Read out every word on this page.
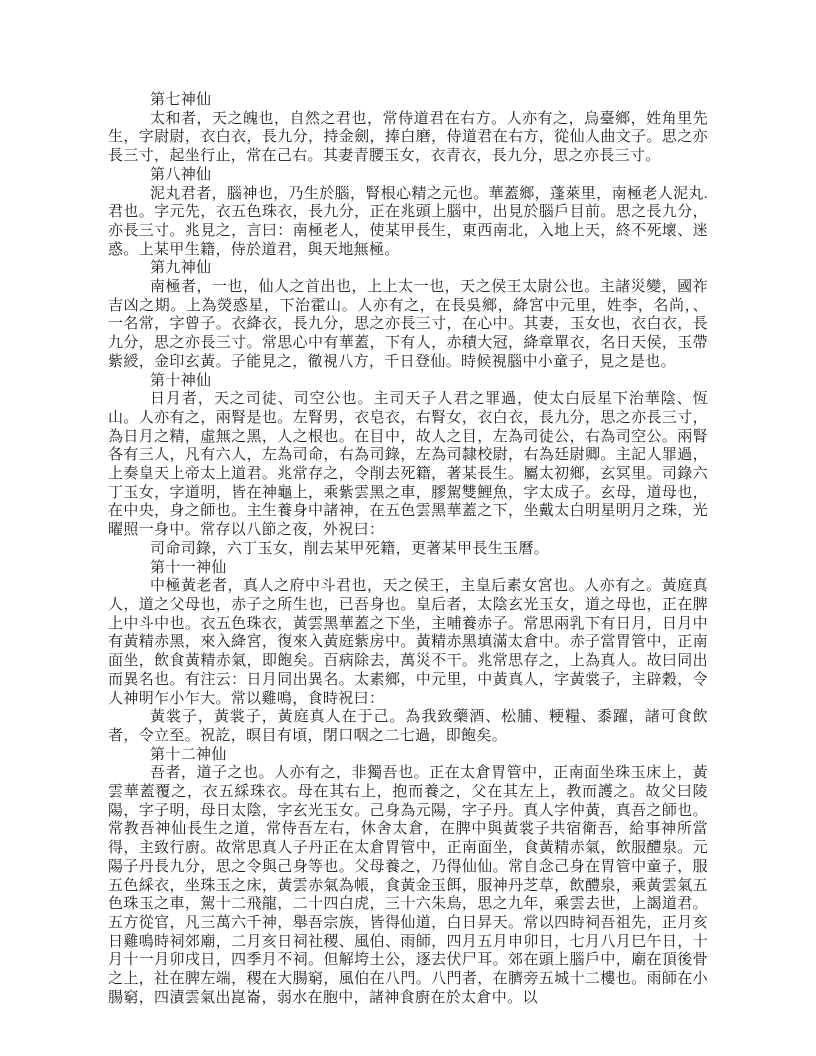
第七神仙

太和者，天之魄也，自然之君也，常侍道君在右方。人亦有之，烏臺鄉，姓角里先生，字尉尉，衣白衣，長九分，持金劍，捧白磨，侍道君在右方，從仙人曲文子。思之亦長三寸，起坐行止，常在己右。其妻青腰玉女，衣青衣，長九分，思之亦長三寸。

第八神仙

泥丸君者，腦神也，乃生於腦，腎根心精之元也。華蓋鄉，蓬萊里，南極老人泥丸. 君也。字元先，衣五色珠衣，長九分，正在兆頭上腦中，出見於腦戶目前。思之長九分，亦長三寸。兆見之，言曰：南極老人，使某甲長生，東西南北，入地上天，終不死壞、迷惑。上某甲生籍，侍於道君，與天地無極。

第九神仙

南極者，一也，仙人之首出也，上上太一也，天之侯王太尉公也。主諸災變，國祚吉凶之期。上為熒惑星，下治霍山。人亦有之，在長吳鄉，絳宮中元里，姓李，名尚，、一名常，字曾子。衣絳衣，長九分，思之亦長三寸，在心中。其妻，玉女也，衣白衣，長九分，思之亦長三寸。常思心中有華蓋，下有人，赤積大冠，絳章單衣，名日天侯，玉帶紫綬，金印玄黃。子能見之，徹視八方，千日登仙。時候視腦中小童子，見之是也。

第十神仙

日月者，天之司徒、司空公也。主司天子人君之罪過，使太白辰星下治華陰、恆山。人亦有之，兩腎是也。左腎男，衣皂衣，右腎女，衣白衣，長九分，思之亦長三寸，為日月之精，虛無之黑，人之根也。在目中，故人之目，左為司徒公，右為司空公。兩腎各有三人，凡有六人，左為司命，右為司錄，左為司隸校尉，右為廷尉卿。主記人罪過，上奏皇天上帝太上道君。兆常存之，令削去死籍，著某長生。屬太初鄉，玄冥里。司錄六丁玉女，字道明，皆在神龜上，乘紫雲黑之車，膠駕雙鯉魚，字太成子。玄母，道母也，在中央，身之師也。主生養身中諸神，在五色雲黑華蓋之下，坐戴太白明星明月之珠，光曜照一身中。常存以八節之夜，外祝曰：

司命司錄，六丁玉女，削去某甲死籍，更著某甲長生玉曆。

第十一神仙

中極黃老者，真人之府中斗君也，天之侯王，主皇后素女宮也。人亦有之。黃庭真人，道之父母也，赤子之所生也，已吾身也。皇后者，太陰玄光玉女，道之母也，正在脾上中斗中也。衣五色珠衣，黃雲黑華蓋之下坐，主哺養赤子。常思兩乳下有日月，日月中有黃精赤黑，來入絳宮，復來入黃庭紫房中。黃精赤黑填滿太倉中。赤子當胃管中，正南面坐，飲食黃精赤氣，即飽矣。百病除去，萬災不干。兆常思存之，上為真人。故曰同出而異名也。有注云：日月同出異名。太素鄉，中元里，中黃真人，字黃裳子，主辟穀，令人神明乍小乍大。常以雞鳴，食時祝曰：

黃裳子，黃裳子，黃庭真人在于己。為我致藥酒、松脯、粳糧、黍躍，諸可食飲者，令立至。祝訖，暝目有頃，閉口咽之二七過，即飽矣。

第十二神仙

吾者，道子之也。人亦有之，非獨吾也。正在太倉胃管中，正南面坐珠玉床上，黃雲華蓋覆之，衣五綵珠衣。母在其右上，抱而養之，父在其左上，教而護之。故父曰陵陽，字子明，母日太陰，字玄光玉女。己身為元陽，字子丹。真人字仲黃，真吾之師也。常教吾神仙長生之道，常侍吾左右，休舍太倉，在脾中與黃裳子共宿衛吾，給事神所當得，主致行廚。故常思真人子丹正在太倉胃管中，正南面坐，食黃精赤氣，飲服醴泉。元陽子丹長九分，思之令與己身等也。父母養之，乃得仙仙。常自念己身在胃管中童子，服五色綵衣，坐珠玉之床，黃雲赤氣為帳，食黃金玉餌，服神丹芝草，飲醴泉，乘黃雲氣五色珠玉之車，駕十二飛龍，二十四白虎，三十六朱鳥，思之九年，乘雲去世，上謁道君。五方從官，凡三萬六千神，舉吾宗族，皆得仙道，白日昇天。常以四時祠吾祖先，正月亥日雞鳴時祠郊廟，二月亥日祠社稷、風伯、雨師，四月五月申卯日，七月八月巳午日，十月十一月卯戌日，四季月不祠。但解垮土公，逐去伏尸耳。郊在頭上腦戶中，廟在頂後骨之上，社在脾左端，稷在大腸窮，風伯在八門。八門者，在臍旁五城十二樓也。雨師在小腸窮，四漬雲氣出崑崙，弱水在胞中，諸神食廚在於太倉中。以
